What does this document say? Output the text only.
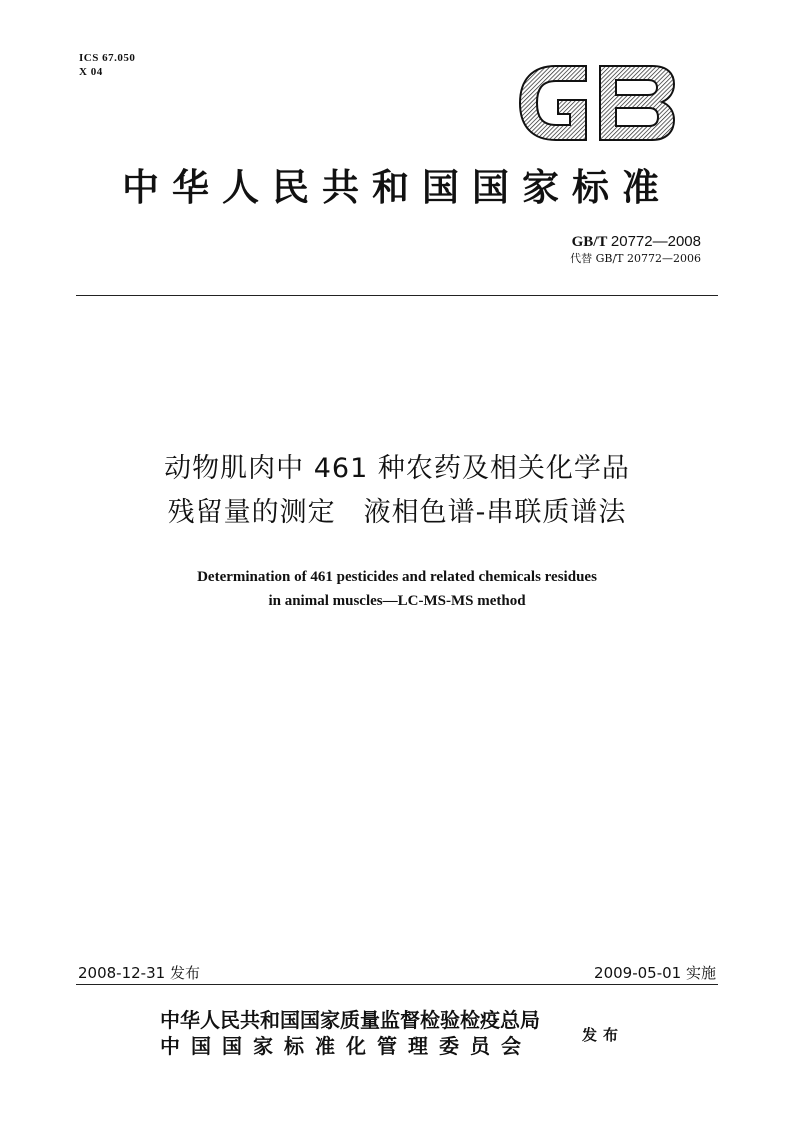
ICS 67.050
X 04
中华人民共和国国家标准
GB/T 20772—2008
代替 GB/T 20772—2006
动物肌肉中 461 种农药及相关化学品
残留量的测定　液相色谱-串联质谱法
Determination of 461 pesticides and related chemicals residues
in animal muscles—LC-MS-MS method
2008-12-31 发布	2009-05-01 实施
中华人民共和国国家质量监督检验检疫总局
中国国家标准化管理委员会	发布
